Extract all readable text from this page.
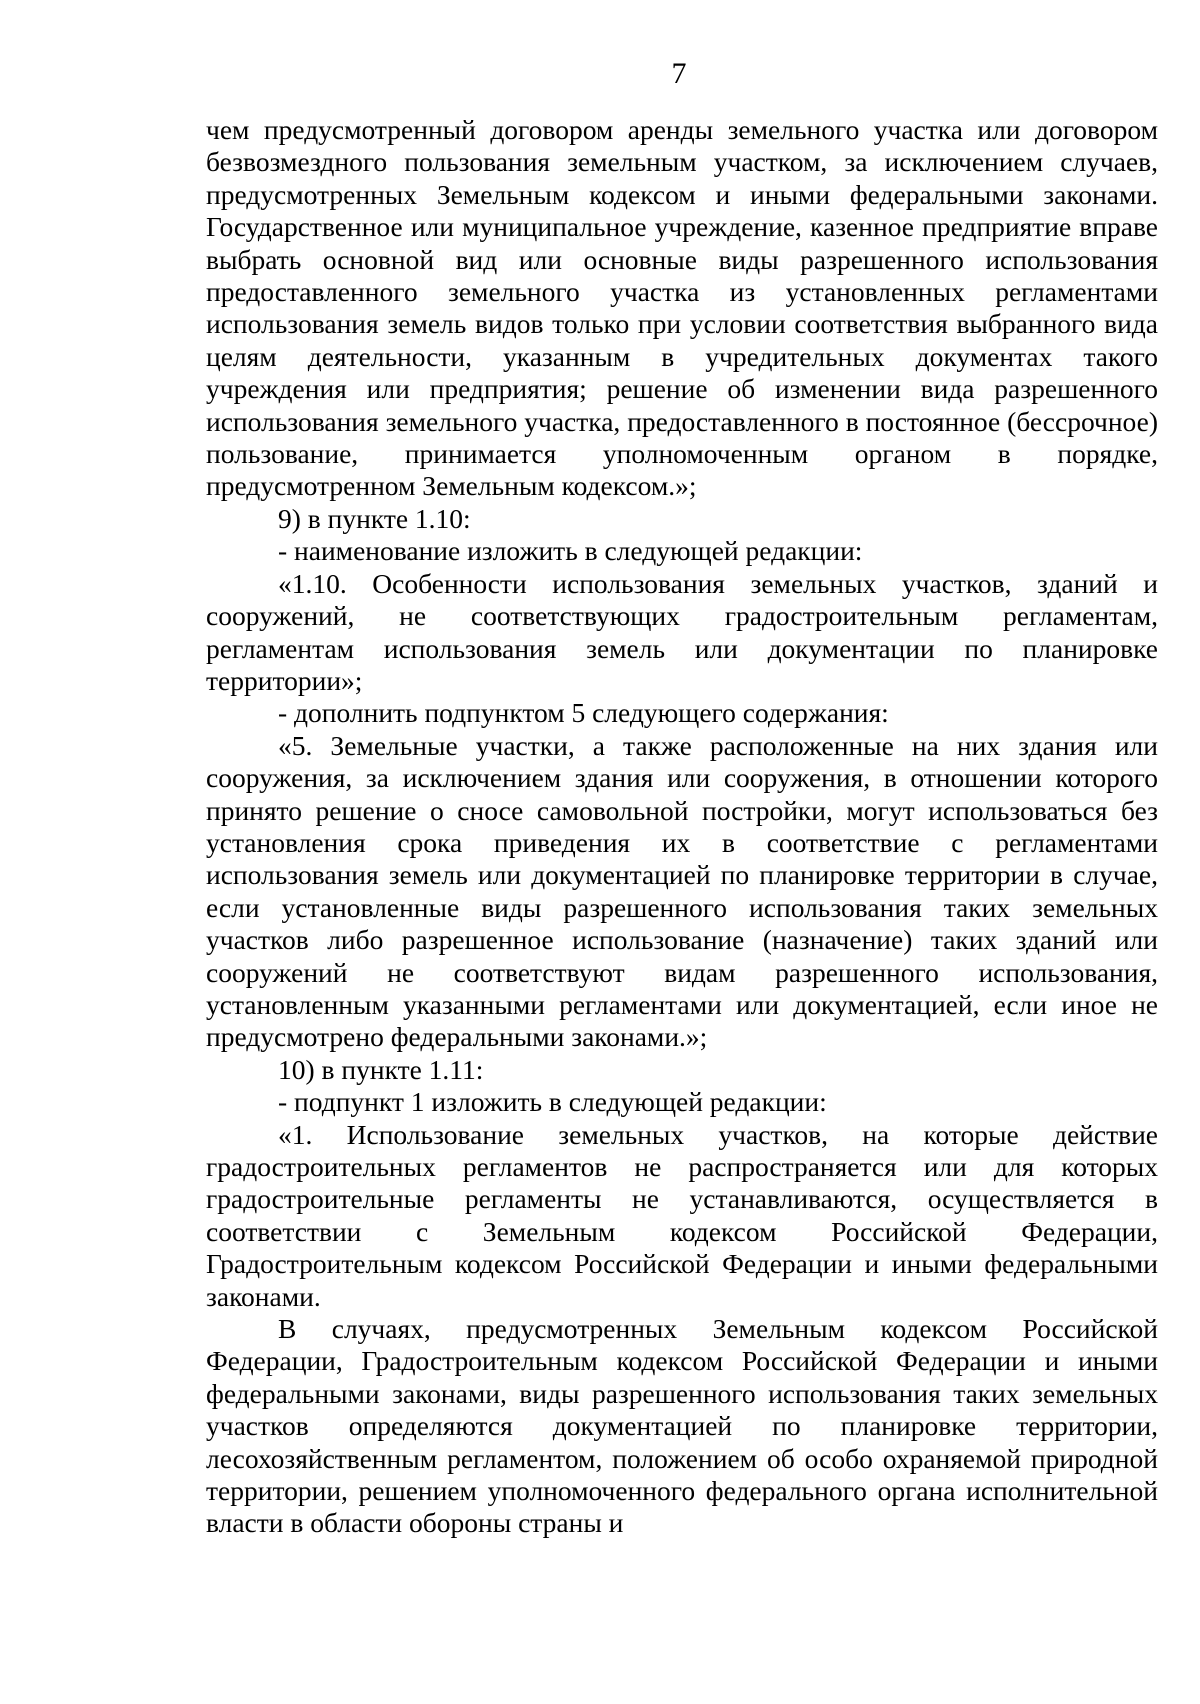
7

чем предусмотренный договором аренды земельного участка или договором безвозмездного пользования земельным участком, за исключением случаев, предусмотренных Земельным кодексом и иными федеральными законами. Государственное или муниципальное учреждение, казенное предприятие вправе выбрать основной вид или основные виды разрешенного использования предоставленного земельного участка из установленных регламентами использования земель видов только при условии соответствия выбранного вида целям деятельности, указанным в учредительных документах такого учреждения или предприятия; решение об изменении вида разрешенного использования земельного участка, предоставленного в постоянное (бессрочное) пользование, принимается уполномоченным органом в порядке, предусмотренном Земельным кодексом.»;

9) в пункте 1.10:

- наименование изложить в следующей редакции:

«1.10. Особенности использования земельных участков, зданий и сооружений, не соответствующих градостроительным регламентам, регламентам использования земель или документации по планировке территории»;

- дополнить подпунктом 5 следующего содержания:

«5. Земельные участки, а также расположенные на них здания или сооружения, за исключением здания или сооружения, в отношении которого принято решение о сносе самовольной постройки, могут использоваться без установления срока приведения их в соответствие с регламентами использования земель или документацией по планировке территории в случае, если установленные виды разрешенного использования таких земельных участков либо разрешенное использование (назначение) таких зданий или сооружений не соответствуют видам разрешенного использования, установленным указанными регламентами или документацией, если иное не предусмотрено федеральными законами.»;

10) в пункте 1.11:

- подпункт 1 изложить в следующей редакции:

«1. Использование земельных участков, на которые действие градостроительных регламентов не распространяется или для которых градостроительные регламенты не устанавливаются, осуществляется в соответствии с Земельным кодексом Российской Федерации, Градостроительным кодексом Российской Федерации и иными федеральными законами.

В случаях, предусмотренных Земельным кодексом Российской Федерации, Градостроительным кодексом Российской Федерации и иными федеральными законами, виды разрешенного использования таких земельных участков определяются документацией по планировке территории, лесохозяйственным регламентом, положением об особо охраняемой природной территории, решением уполномоченного федерального органа исполнительной власти в области обороны страны и
